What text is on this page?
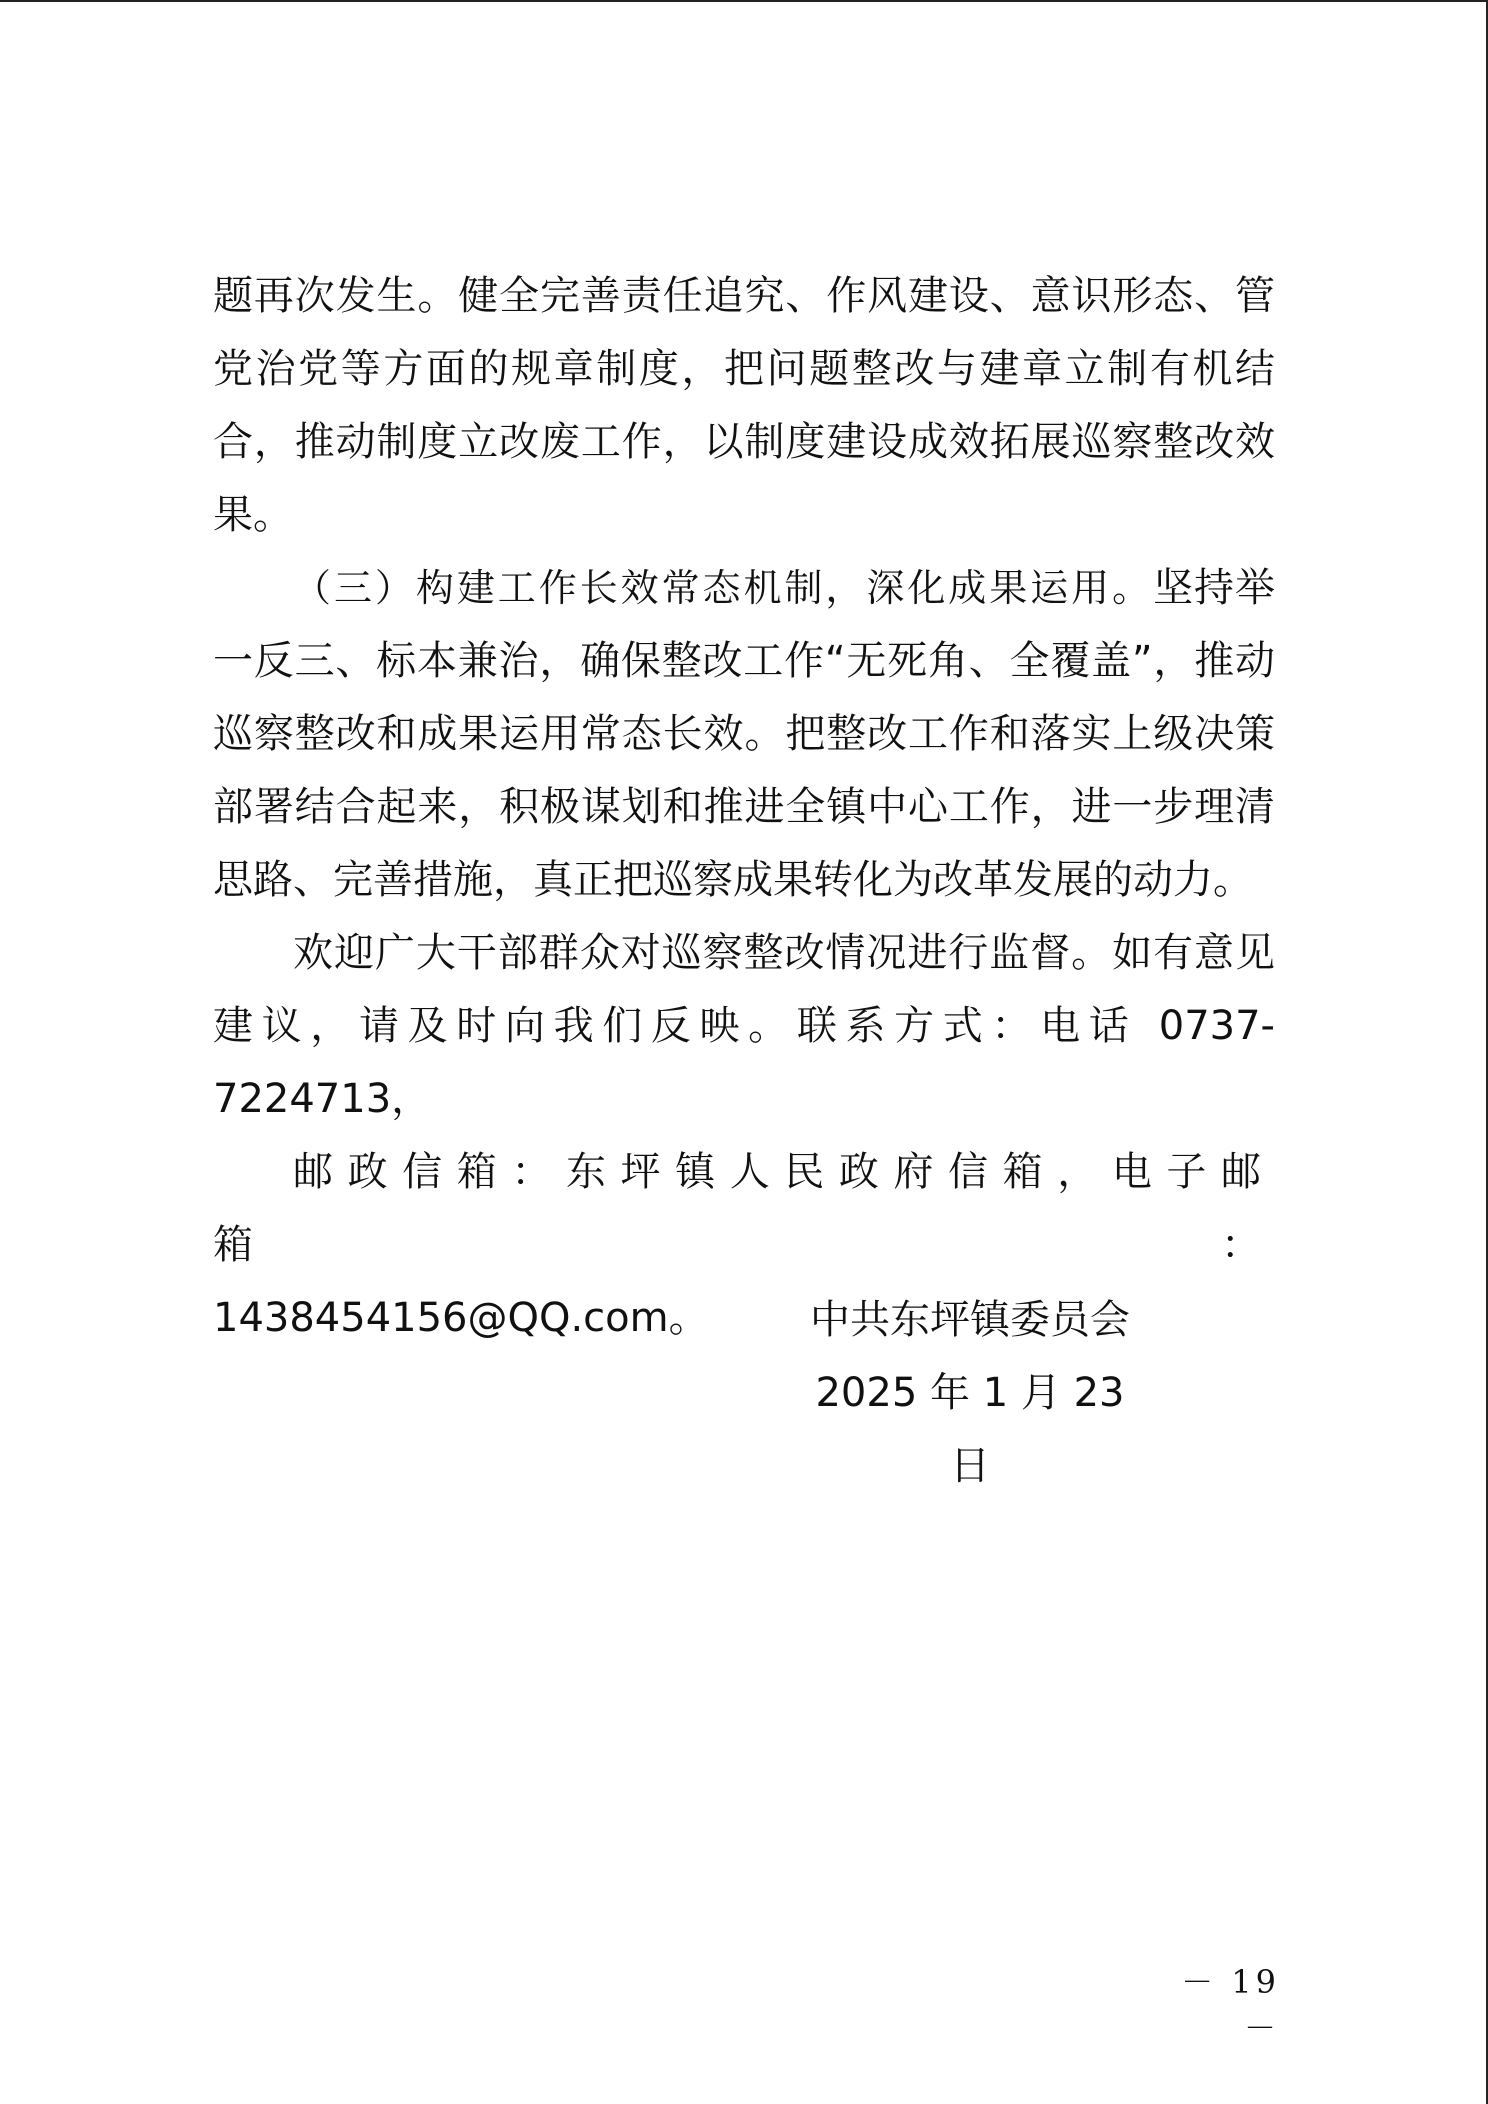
题再次发生。健全完善责任追究、作风建设、意识形态、管党治党等方面的规章制度，把问题整改与建章立制有机结合，推动制度立改废工作，以制度建设成效拓展巡察整改效果。

（三）构建工作长效常态机制，深化成果运用。坚持举一反三、标本兼治，确保整改工作“无死角、全覆盖”，推动巡察整改和成果运用常态长效。把整改工作和落实上级决策部署结合起来，积极谋划和推进全镇中心工作，进一步理清思路、完善措施，真正把巡察成果转化为改革发展的动力。

欢迎广大干部群众对巡察整改情况进行监督。如有意见建议，请及时向我们反映。联系方式：电话 0737-7224713，
邮政信箱：东坪镇人民政府信箱，电子邮箱：
1438454156@QQ.com。	中共东坪镇委员会
2025 年 1 月 23 日
－ 19 －
